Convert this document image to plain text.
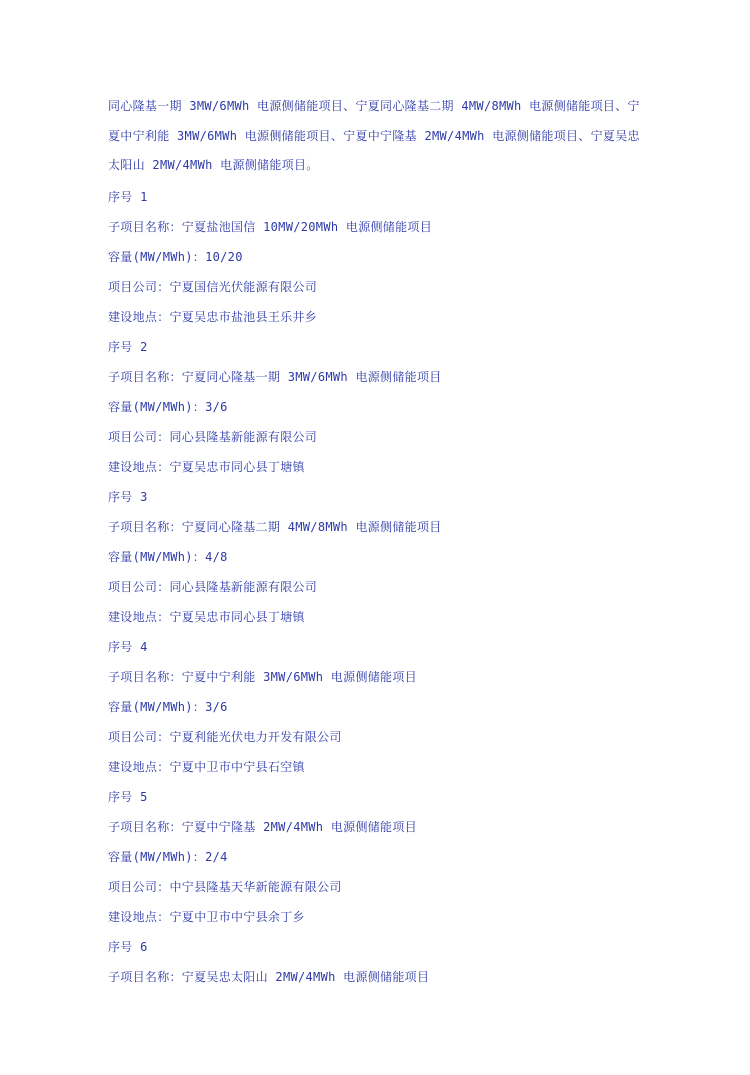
同心隆基一期 3MW/6MWh 电源侧储能项目、宁夏同心隆基二期 4MW/8MWh 电源侧储能项目、宁夏中宁利能 3MW/6MWh 电源侧储能项目、宁夏中宁隆基 2MW/4MWh 电源侧储能项目、宁夏吴忠太阳山 2MW/4MWh 电源侧储能项目。

序号 1
子项目名称：宁夏盐池国信 10MW/20MWh 电源侧储能项目
容量(MW/MWh)：10/20
项目公司：宁夏国信光伏能源有限公司
建设地点：宁夏吴忠市盐池县王乐井乡
序号 2
子项目名称：宁夏同心隆基一期 3MW/6MWh 电源侧储能项目
容量(MW/MWh)：3/6
项目公司：同心县隆基新能源有限公司
建设地点：宁夏吴忠市同心县丁塘镇
序号 3
子项目名称：宁夏同心隆基二期 4MW/8MWh 电源侧储能项目
容量(MW/MWh)：4/8
项目公司：同心县隆基新能源有限公司
建设地点：宁夏吴忠市同心县丁塘镇
序号 4
子项目名称：宁夏中宁利能 3MW/6MWh 电源侧储能项目
容量(MW/MWh)：3/6
项目公司：宁夏利能光伏电力开发有限公司
建设地点：宁夏中卫市中宁县石空镇
序号 5
子项目名称：宁夏中宁隆基 2MW/4MWh 电源侧储能项目
容量(MW/MWh)：2/4
项目公司：中宁县隆基天华新能源有限公司
建设地点：宁夏中卫市中宁县余丁乡
序号 6
子项目名称：宁夏吴忠太阳山 2MW/4MWh 电源侧储能项目
